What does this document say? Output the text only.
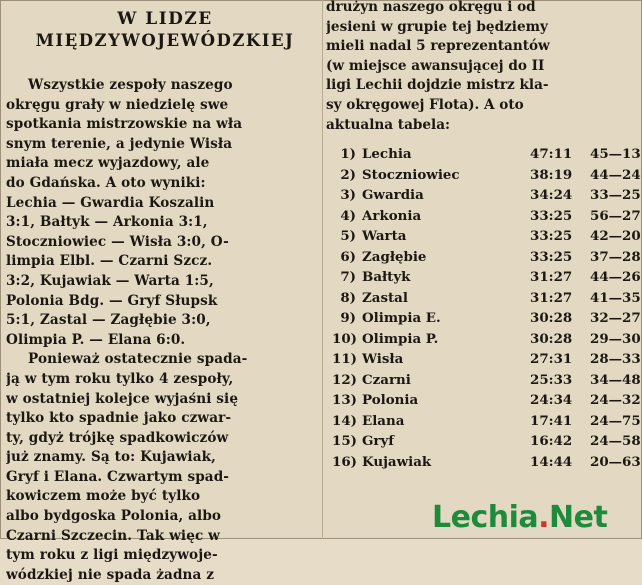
W LIDZE

MIĘDZYWOJEWÓDZKIEJ

Wszystkie zespoły naszego

okręgu grały w niedzielę swe

spotkania mistrzowskie na wła

snym terenie, a jedynie Wisła

miała mecz wyjazdowy, ale

do Gdańska. A oto wyniki:

Lechia — Gwardia Koszalin

3:1, Bałtyk — Arkonia 3:1,

Stoczniowiec — Wisła 3:0, O-

limpia Elbl. — Czarni Szcz.

3:2, Kujawiak — Warta 1:5,

Polonia Bdg. — Gryf Słupsk

5:1, Zastal — Zagłębie 3:0,

Olimpia P. — Elana 6:0.

Ponieważ ostatecznie spada-

ją w tym roku tylko 4 zespoły,

w ostatniej kolejce wyjaśni się

tylko kto spadnie jako czwar-

ty, gdyż trójkę spadkowiczów

już znamy. Są to: Kujawiak,

Gryf i Elana. Czwartym spad-

kowiczem może być tylko

albo bydgoska Polonia, albo

Czarni Szczecin. Tak więc w

tym roku z ligi międzywoje-

wódzkiej nie spada żadna z

drużyn naszego okręgu i od

jesieni w grupie tej będziemy

mieli nadal 5 reprezentantów

(w miejsce awansującej do II

ligi Lechii dojdzie mistrz kla-

sy okręgowej Flota). A oto

aktualna tabela:

1) Lechia	47:11 45—13
2) Stoczniowiec	38:19 44—24
3) Gwardia	34:24 33—25
4) Arkonia	33:25 56—27
5) Warta	33:25 42—20
6) Zagłębie	33:25 37—28
7) Bałtyk	31:27 44—26
8) Zastal	31:27 41—35
9) Olimpia E.	30:28 32—27
10) Olimpia P.	30:28 29—30
11) Wisła	27:31 28—33
12) Czarni	25:33 34—48
13) Polonia	24:34 24—32
14) Elana	17:41 24—75
15) Gryf	16:42 24—58
16) Kujawiak	14:44 20—63
Lechia.Net
